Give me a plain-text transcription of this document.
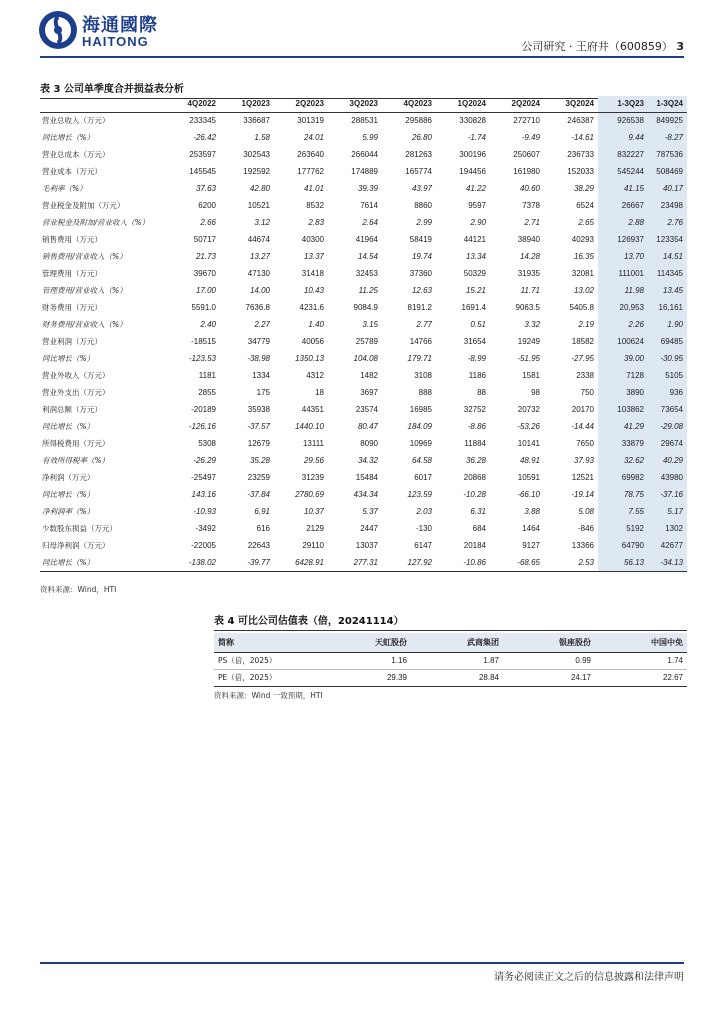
海通國際
HAITONG	公司研究 · 王府井（600859） 3
表 3 公司单季度合并损益表分析
	4Q2022	1Q2023	2Q2023	3Q2023	4Q2023	1Q2024	2Q2024	3Q2024	1-3Q23	1-3Q24
营业总收入（万元）	233345	336687	301319	288531	295886	330828	272710	246387	926538	849925
同比增长（%）	-26.42	1.58	24.01	5.99	26.80	-1.74	-9.49	-14.61	9.44	-8.27
营业总成本（万元）	253597	302543	263640	266044	281263	300196	250607	236733	832227	787536
营业成本（万元）	145545	192592	177762	174889	165774	194456	161980	152033	545244	508469
毛利率（%）	37.63	42.80	41.01	39.39	43.97	41.22	40.60	38.29	41.15	40.17
营业税金及附加（万元）	6200	10521	8532	7614	8860	9597	7378	6524	26667	23498
营业税金及附加/营业收入（%）	2.66	3.12	2.83	2.64	2.99	2.90	2.71	2.65	2.88	2.76
销售费用（万元）	50717	44674	40300	41964	58419	44121	38940	40293	126937	123354
销售费用/营业收入（%）	21.73	13.27	13.37	14.54	19.74	13.34	14.28	16.35	13.70	14.51
管理费用（万元）	39670	47130	31418	32453	37360	50329	31935	32081	111001	114345
管理费用/营业收入（%）	17.00	14.00	10.43	11.25	12.63	15.21	11.71	13.02	11.98	13.45
财务费用（万元）	5591.0	7636.8	4231.6	9084.9	8191.2	1691.4	9063.5	5405.8	20,953	16,161
财务费用/营业收入（%）	2.40	2.27	1.40	3.15	2.77	0.51	3.32	2.19	2.26	1.90
营业利润（万元）	-18515	34779	40056	25789	14766	31654	19249	18582	100624	69485
同比增长（%）	-123.53	-38.98	1350.13	104.08	179.71	-8.99	-51.95	-27.95	39.00	-30.95
营业外收入（万元）	1181	1334	4312	1482	3108	1186	1581	2338	7128	5105
营业外支出（万元）	2855	175	18	3697	888	88	98	750	3890	936
利润总额（万元）	-20189	35938	44351	23574	16985	32752	20732	20170	103862	73654
同比增长（%）	-126.16	-37.57	1440.10	80.47	184.09	-8.86	-53.26	-14.44	41.29	-29.08
所得税费用（万元）	5308	12679	13111	8090	10969	11884	10141	7650	33879	29674
有效所得税率（%）	-26.29	35.28	29.56	34.32	64.58	36.28	48.91	37.93	32.62	40.29
净利润（万元）	-25497	23259	31239	15484	6017	20868	10591	12521	69982	43980
同比增长（%）	143.16	-37.84	2780.69	434.34	123.59	-10.28	-66.10	-19.14	78.75	-37.16
净利润率（%）	-10.93	6.91	10.37	5.37	2.03	6.31	3.88	5.08	7.55	5.17
少数股东损益（万元）	-3492	616	2129	2447	-130	684	1464	-846	5192	1302
归母净利润（万元）	-22005	22643	29110	13037	6147	20184	9127	13366	64790	42677
同比增长（%）	-138.02	-39.77	6428.91	277.31	127.92	-10.86	-68.65	2.53	56.13	-34.13
资料来源：Wind，HTI
表 4 可比公司估值表（倍，20241114）
简称	天虹股份	武商集团	银座股份	中国中免
PS（倍，2025）	1.16	1.87	0.99	1.74
PE（倍，2025）	29.39	28.84	24.17	22.67
资料来源：Wind 一致预期，HTI
请务必阅读正文之后的信息披露和法律声明
